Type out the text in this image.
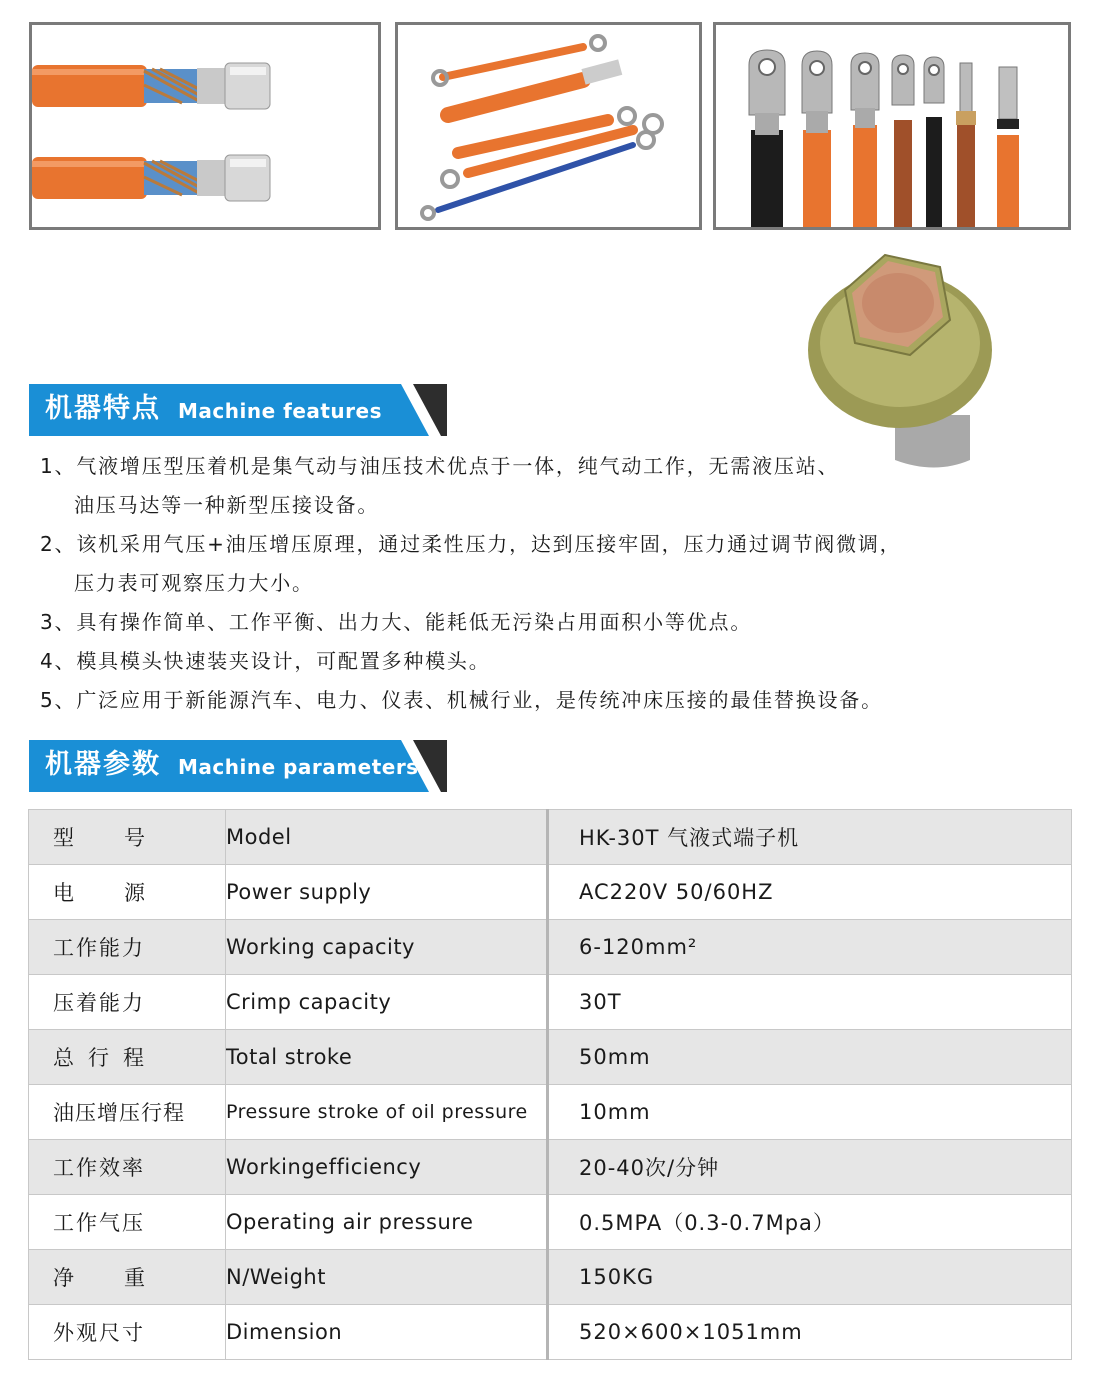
机器特点 Machine features
1、气液增压型压着机是集气动与油压技术优点于一体，纯气动工作，无需液压站、
油压马达等一种新型压接设备。
2、该机采用气压+油压增压原理，通过柔性压力，达到压接牢固，压力通过调节阀微调，
压力表可观察压力大小。
3、具有操作简单、工作平衡、出力大、能耗低无污染占用面积小等优点。
4、模具模头快速装夹设计，可配置多种模头。
5、广泛应用于新能源汽车、电力、仪表、机械行业，是传统冲床压接的最佳替换设备。
机器参数 Machine parameters
型号	Model	HK-30T 气液式端子机
电源	Power supply	AC220V 50/60HZ
工作能力	Working capacity	6-120mm²
压着能力	Crimp capacity	30T
总行程	Total stroke	50mm
油压增压行程	Pressure stroke of oil pressure	10mm
工作效率	Workingefficiency	20-40次/分钟
工作气压	Operating air pressure	0.5MPA（0.3-0.7Mpa）
净重	N/Weight	150KG
外观尺寸	Dimension	520×600×1051mm
